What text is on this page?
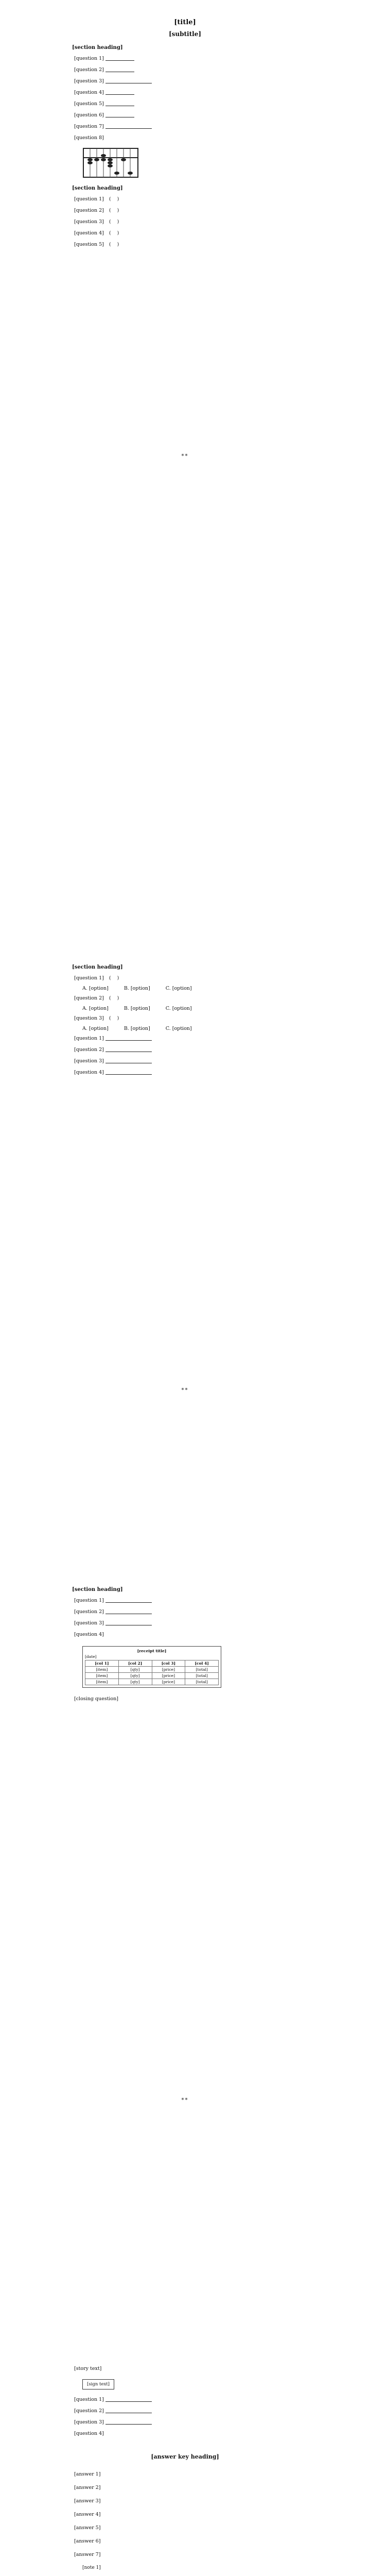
[title]
[subtitle]
[section heading]
[question 1]
[question 2]
[question 3]
[question 4]
[question 5]
[question 6]
[question 7]
[question 8]
[section heading]
[question 1] (    )
[question 2] (    )
[question 3] (    )
[question 4] (    )
[question 5] (    )
**
[section heading]
[question 1] (    )
A. [option]	B. [option]	C. [option]
[question 2] (    )
A. [option]	B. [option]	C. [option]
[question 3] (    )
A. [option]	B. [option]	C. [option]
[question 1]
[question 2]
[question 3]
[question 4]
**
[section heading]
[question 1]
[question 2]
[question 3]
[question 4]
[receipt title]
[date]
[col 1]	[col 2]	[col 3]	[col 4]
[item]	[qty]	[price]	[total]
[item]	[qty]	[price]	[total]
[item]	[qty]	[price]	[total]
[closing question]
**
[story text]
[sign text]
[question 1]
[question 2]
[question 3]
[question 4]
[answer key heading]
[answer 1]
[answer 2]
[answer 3]
[answer 4]
[answer 5]
[answer 6]
[answer 7]
[note 1]
